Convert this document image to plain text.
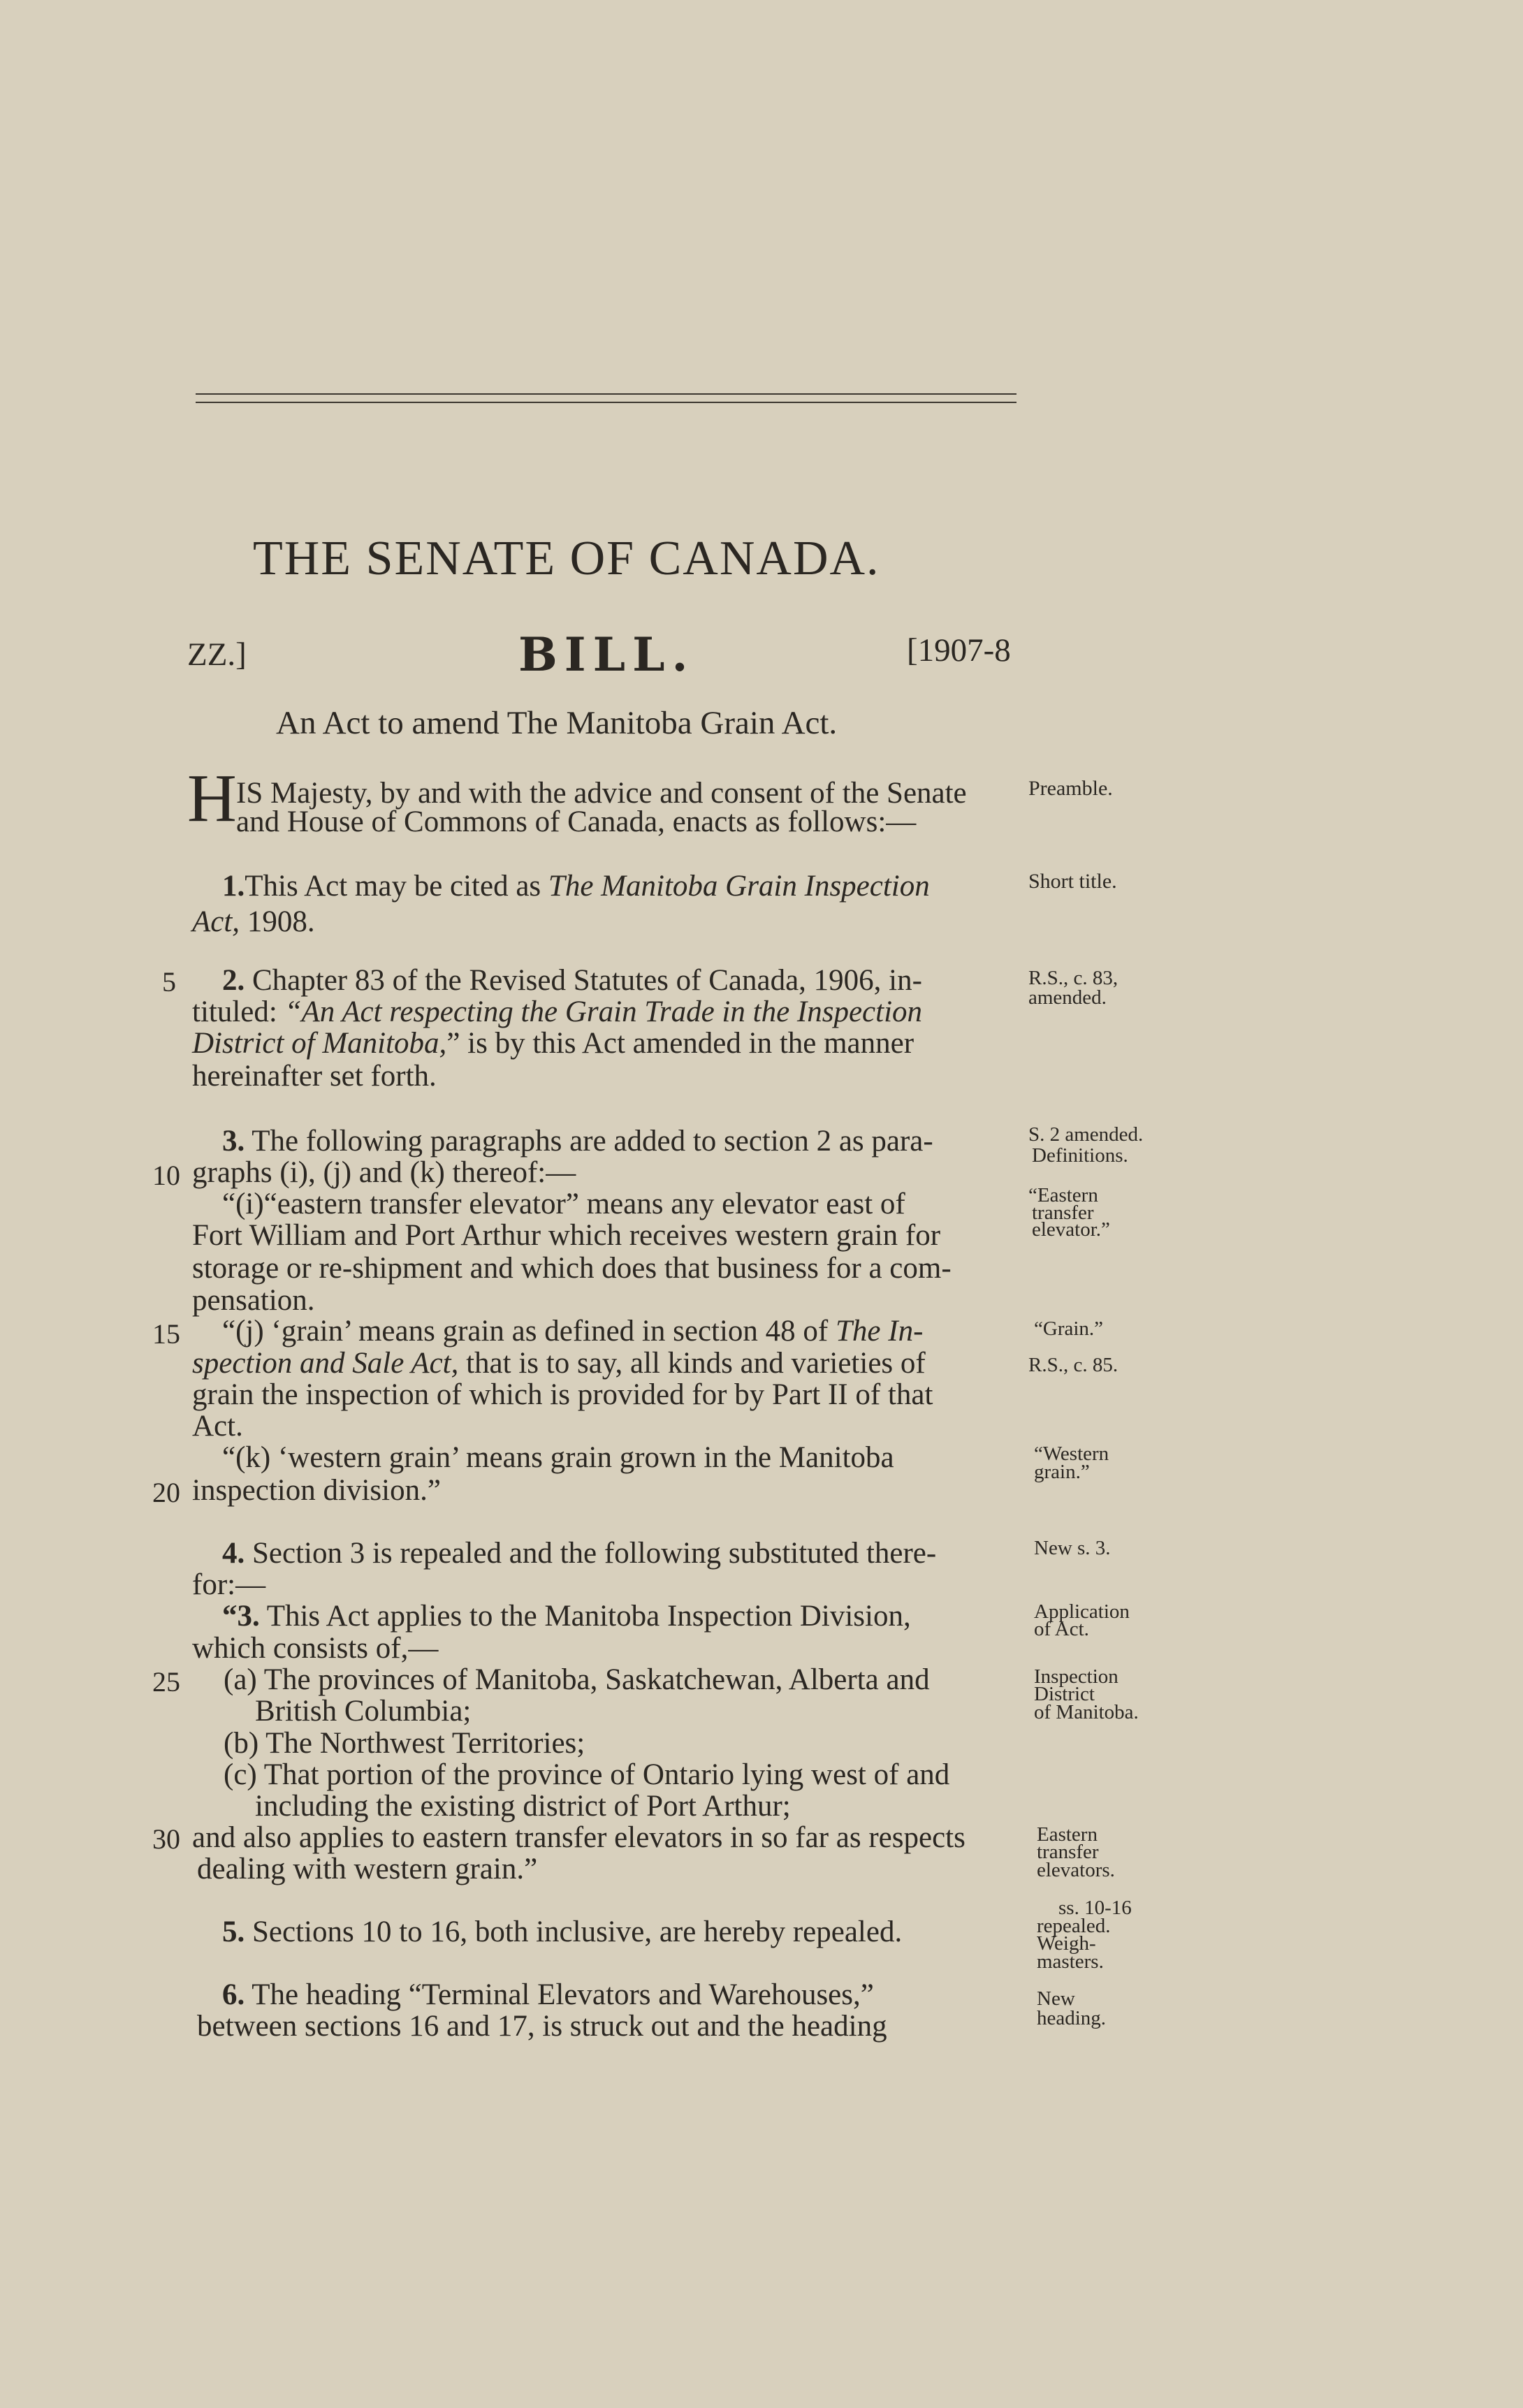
THE SENATE OF CANADA.
ZZ.]	BILL.	[1907-8
An Act to amend The Manitoba Grain Act.
H IS Majesty, by and with the advice and consent of the Senate
and House of Commons of Canada, enacts as follows:—
Preamble.
1.This Act may be cited as The Manitoba Grain Inspection
Act, 1908.
Short title.
5 2. Chapter 83 of the Revised Statutes of Canada, 1906, in-
tituled: “An Act respecting the Grain Trade in the Inspection
District of Manitoba,” is by this Act amended in the manner
hereinafter set forth.
R.S., c. 83,
amended.
3. The following paragraphs are added to section 2 as para-
10 graphs (i), (j) and (k) thereof:—
“(i)“eastern transfer elevator” means any elevator east of
Fort William and Port Arthur which receives western grain for
storage or re-shipment and which does that business for a com-
pensation.
15 “(j) ‘grain’ means grain as defined in section 48 of The In-
spection and Sale Act, that is to say, all kinds and varieties of
grain the inspection of which is provided for by Part II of that
Act.
“(k) ‘western grain’ means grain grown in the Manitoba
20 inspection division.”
S. 2 amended.
Definitions.
“Eastern
transfer
elevator.”
“Grain.”
R.S., c. 85.
“Western
grain.”
4. Section 3 is repealed and the following substituted there-
for:—
“3. This Act applies to the Manitoba Inspection Division,
which consists of,—
25 (a) The provinces of Manitoba, Saskatchewan, Alberta and
British Columbia;
(b) The Northwest Territories;
(c) That portion of the province of Ontario lying west of and
including the existing district of Port Arthur;
30 and also applies to eastern transfer elevators in so far as respects
dealing with western grain.”
New s. 3.
Application
of Act.
Inspection
District
of Manitoba.
Eastern
transfer
elevators.
5. Sections 10 to 16, both inclusive, are hereby repealed.
ss. 10-16
repealed.
Weigh-
masters.
6. The heading “Terminal Elevators and Warehouses,”
between sections 16 and 17, is struck out and the heading
New
heading.
